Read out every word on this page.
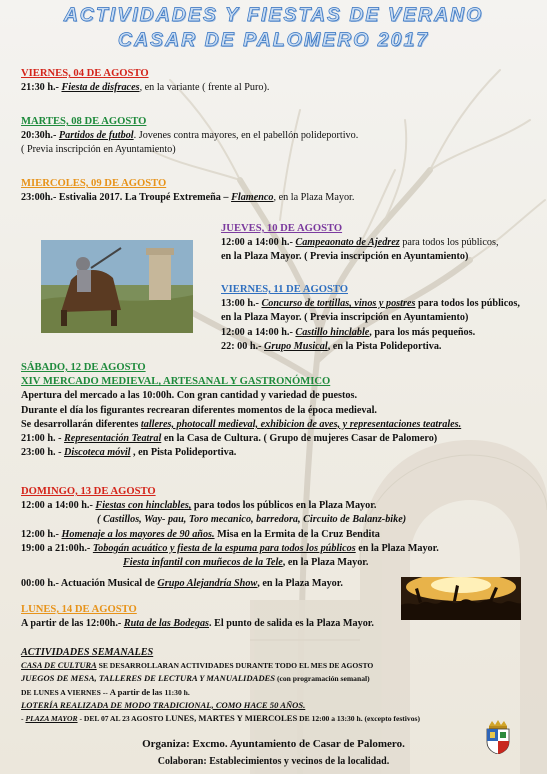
ACTIVIDADES Y FIESTAS DE VERANO
CASAR DE PALOMERO 2017
VIERNES, 04 DE AGOSTO
21:30 h.- Fiesta de disfraces, en la variante ( frente al Puro).
MARTES, 08 DE AGOSTO
20:30h.- Partidos de futbol. Jovenes contra mayores, en el pabellón polideportivo.
( Previa inscripción en Ayuntamiento)
MIERCOLES, 09 DE AGOSTO
23:00h.- Estivalia 2017. La Troupé Extremeña – Flamenco, en la Plaza Mayor.
JUEVES, 10 DE AGOSTO
12:00 a 14:00 h.- Campeaonato de Ajedrez para todos los públicos,
en la Plaza Mayor. ( Previa inscripción en Ayuntamiento)
VIERNES, 11 DE AGOSTO
13:00 h.- Concurso de tortillas, vinos y postres para todos los públicos,
en la Plaza Mayor. ( Previa inscripción en Ayuntamiento)
12:00 a 14:00 h.- Castillo hinclable, para los más pequeños.
22: 00 h.- Grupo Musical, en la Pista Polideportiva.
SÁBADO, 12 DE AGOSTO
XIV MERCADO MEDIEVAL, ARTESANAL Y GASTRONÓMICO
Apertura del mercado a las 10:00h. Con gran cantidad y variedad de puestos.
Durante el día los figurantes recrearan diferentes momentos de la época medieval.
Se desarrollarán diferentes talleres, photocall medieval, exhibicion de aves, y representaciones teatrales.
21:00 h. - Representación Teatral en la Casa de Cultura. ( Grupo de mujeres Casar de Palomero)
23:00 h. - Discoteca móvil , en Pista Polideportiva.
DOMINGO, 13 DE AGOSTO
12:00 a 14:00 h.- Fiestas con hinclables, para todos los públicos en la Plaza Mayor.
( Castillos, Way- pau, Toro mecanico, barredora, Circuito de Balanz-bike)
12:00 h.- Homenaje a los mayores de 90 años. Misa en la Ermita de la Cruz Bendita
19:00 a 21:00h.- Tobogán acuático y fiesta de la espuma para todos los públicos en la Plaza Mayor.
Fiesta infantil con muñecos de la Tele, en la Plaza Mayor.
00:00 h.- Actuación Musical de Grupo Alejandría Show, en la Plaza Mayor.
LUNES, 14 DE AGOSTO
A partir de las 12:00h.- Ruta de las Bodegas. El punto de salida es la Plaza Mayor.
ACTIVIDADES SEMANALES
CASA DE CULTURA SE DESARROLLARAN ACTIVIDADES DURANTE TODO EL MES DE AGOSTO
JUEGOS DE MESA, TALLERES DE LECTURA Y MANUALIDADES (con programación semanal)
DE LUNES A VIERNES -- A partir de las 11:30 h.
LOTERÍA REALIZADA DE MODO TRADICIONAL, COMO HACE 50 AÑOS.
- PLAZA MAYOR - DEL 07 AL 23 AGOSTO LUNES, MARTES Y MIERCOLES DE 12:00 a 13:30 h. (excepto festivos)
Organiza: Excmo. Ayuntamiento de Casar de Palomero.
Colaboran: Establecimientos y vecinos de la localidad.
